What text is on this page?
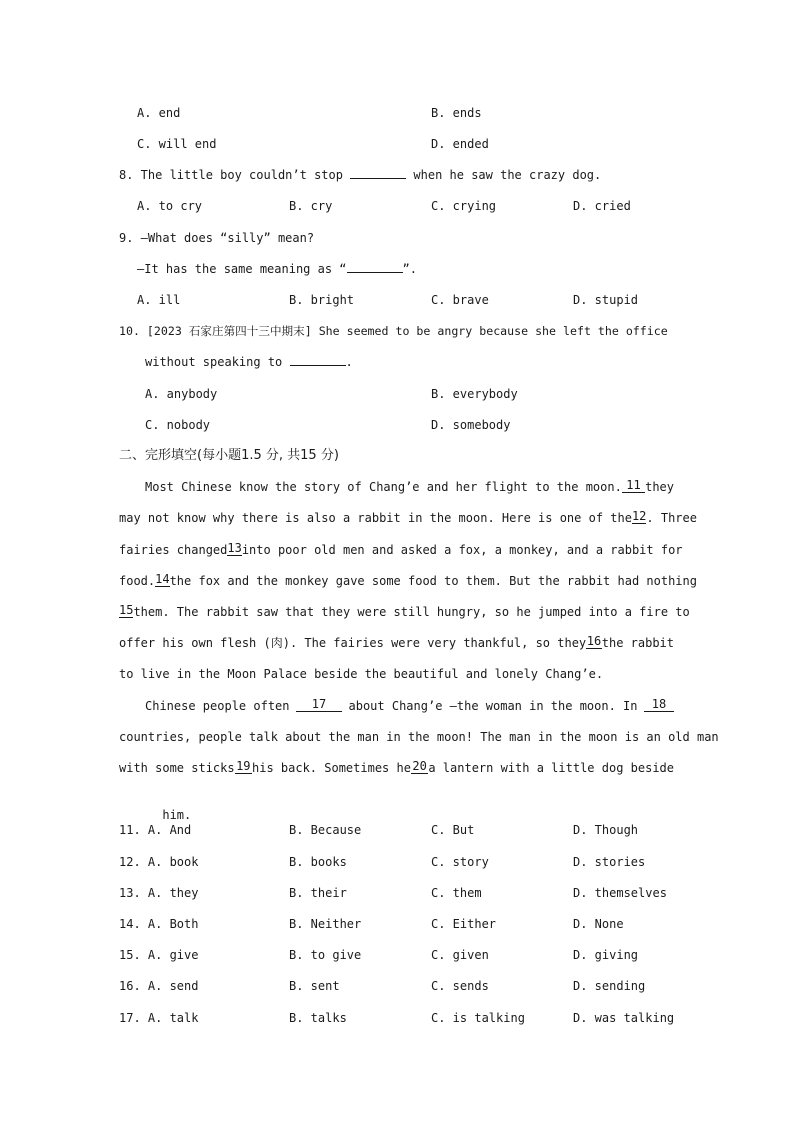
A. end	B. ends
C. will end	D. ended
8. The little boy couldn’t stop	when he saw the crazy dog.
A. to cry	B. cry	C. crying	D. cried
9. —What does “silly” mean?
—It has the same meaning as “	”.
A. ill	B. bright	C. brave	D. stupid
10. [2023 石家庄第四十三中期末] She seemed to be angry because she left the office
without speaking to	.
A. anybody	B. everybody
C. nobody	D. somebody
二、完形填空(每小题1.5 分, 共15 分)
Most Chinese know the story of Chang’e and her flight to the moon. 11 they
may not know why there is also a rabbit in the moon. Here is one of the 12 . Three
fairies changed 13 into poor old men and asked a fox, a monkey, and a rabbit for
food. 14 the fox and the monkey gave some food to them. But the rabbit had nothing
15 them. The rabbit saw that they were still hungry, so he jumped into a fire to
offer his own flesh (肉). The fairies were very thankful, so they 16 the rabbit
to live in the Moon Palace beside the beautiful and lonely Chang’e.
Chinese people often	17	about Chang’e —the woman in the moon. In	18
countries, people talk about the man in the moon! The man in the moon is an old man
with some sticks 19 his back. Sometimes he 20 a lantern with a little dog beside

him.

11. A. And	B. Because	C. But	D. Though
12. A. book	B. books	C. story	D. stories
13. A. they	B. their	C. them	D. themselves
14. A. Both	B. Neither	C. Either	D. None
15. A. give	B. to give	C. given	D. giving
16. A. send	B. sent	C. sends	D. sending
17. A. talk	B. talks	C. is talking	D. was talking
